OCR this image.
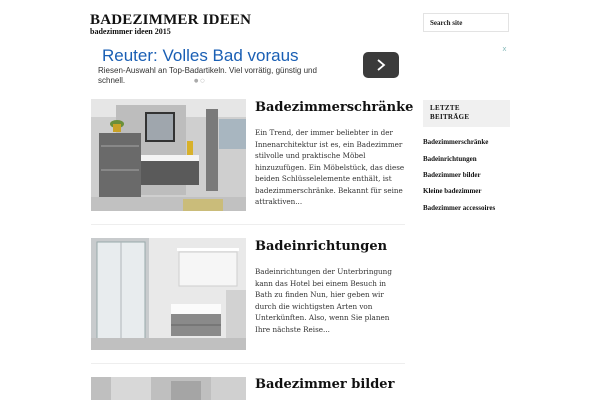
BADEZIMMER IDEEN
badezimmer ideen 2015
Search site
Reuter: Volles Bad voraus
Riesen-Auswahl an Top-Badartikeln. Viel vorrätig, günstig und schnell.
x
●○
Badezimmerschränke
Ein Trend, der immer beliebter in der Innenarchitektur ist es, ein Badezimmer stilvolle und praktische Möbel hinzuzufügen. Ein Möbelstück, das diese beiden Schlüsselelemente enthält, ist badezimmerschränke. Bekannt für seine attraktiven...
Badeinrichtungen
Badeinrichtungen der Unterbringung kann das Hotel bei einem Besuch in Bath zu finden Nun, hier geben wir durch die wichtigsten Arten von Unterkünften. Also, wenn Sie planen Ihre nächste Reise...
Badezimmer bilder
LETZTE BEITRÄGE
Badezimmerschränke
Badeinrichtungen
Badezimmer bilder
Kleine badezimmer
Badezimmer accessoires
